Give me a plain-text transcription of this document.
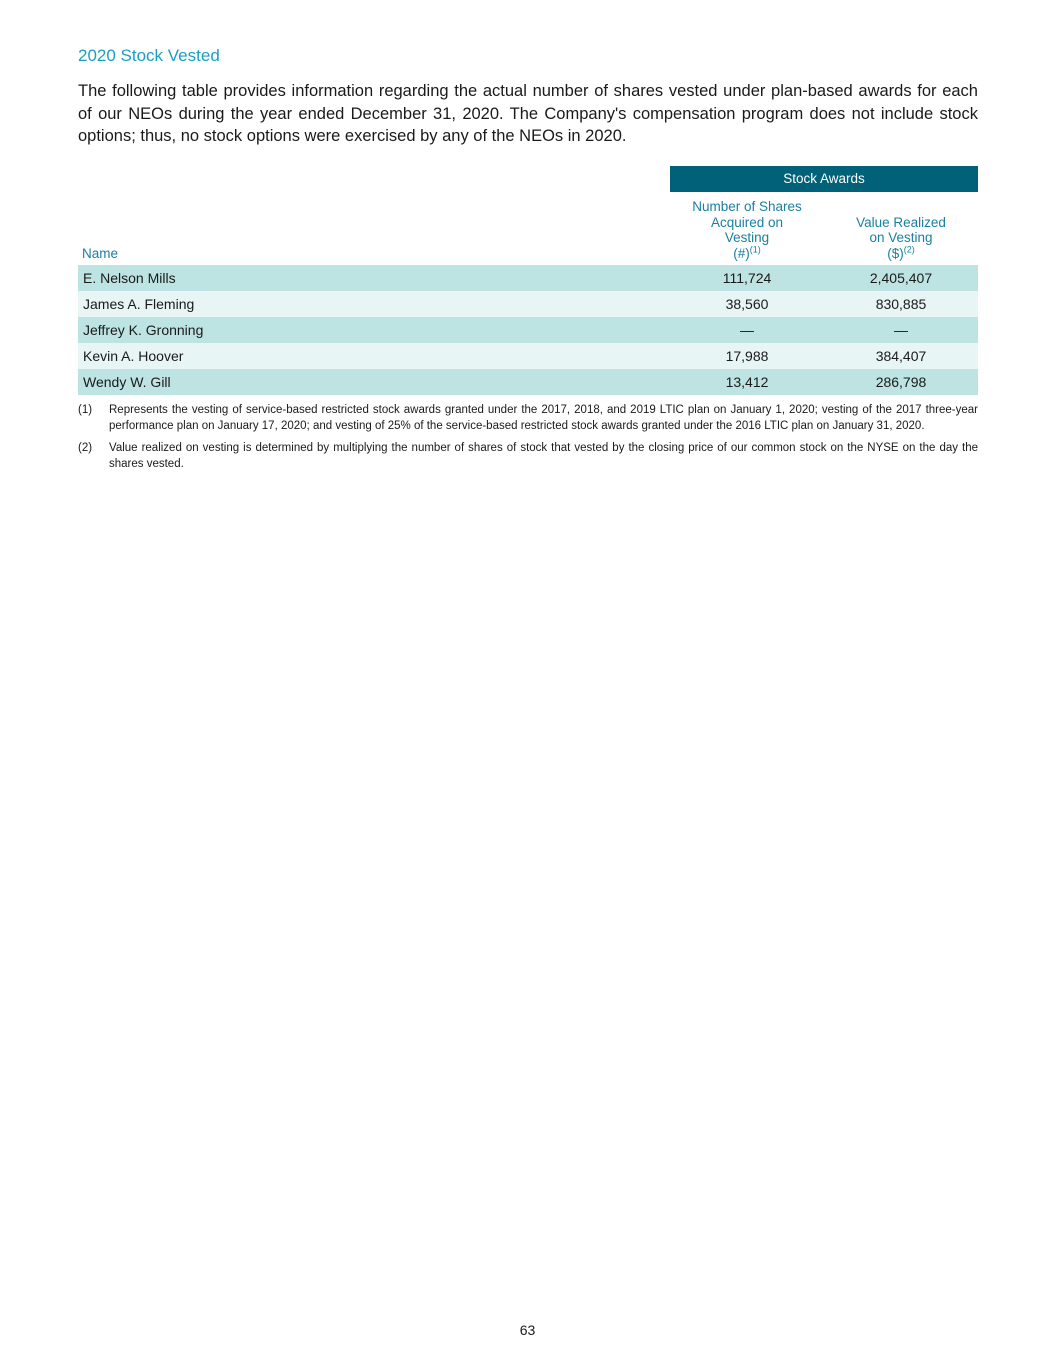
2020 Stock Vested
The following table provides information regarding the actual number of shares vested under plan-based awards for each of our NEOs during the year ended December 31, 2020. The Company's compensation program does not include stock options; thus, no stock options were exercised by any of the NEOs in 2020.
Stock Awards
Name
Number of Shares
Acquired on
Vesting
(#)$^{(1)}$
Value Realized
on Vesting
($)$^{(2)}$
E. Nelson Mills	111,724	2,405,407
James A. Fleming	38,560	830,885
Jeffrey K. Gronning	—	—
Kevin A. Hoover	17,988	384,407
Wendy W. Gill	13,412	286,798
(1) Represents the vesting of service-based restricted stock awards granted under the 2017, 2018, and 2019 LTIC plan on January 1, 2020; vesting of the 2017 three-year performance plan on January 17, 2020; and vesting of 25% of the service-based restricted stock awards granted under the 2016 LTIC plan on January 31, 2020.
(2) Value realized on vesting is determined by multiplying the number of shares of stock that vested by the closing price of our common stock on the NYSE on the day the shares vested.
63
